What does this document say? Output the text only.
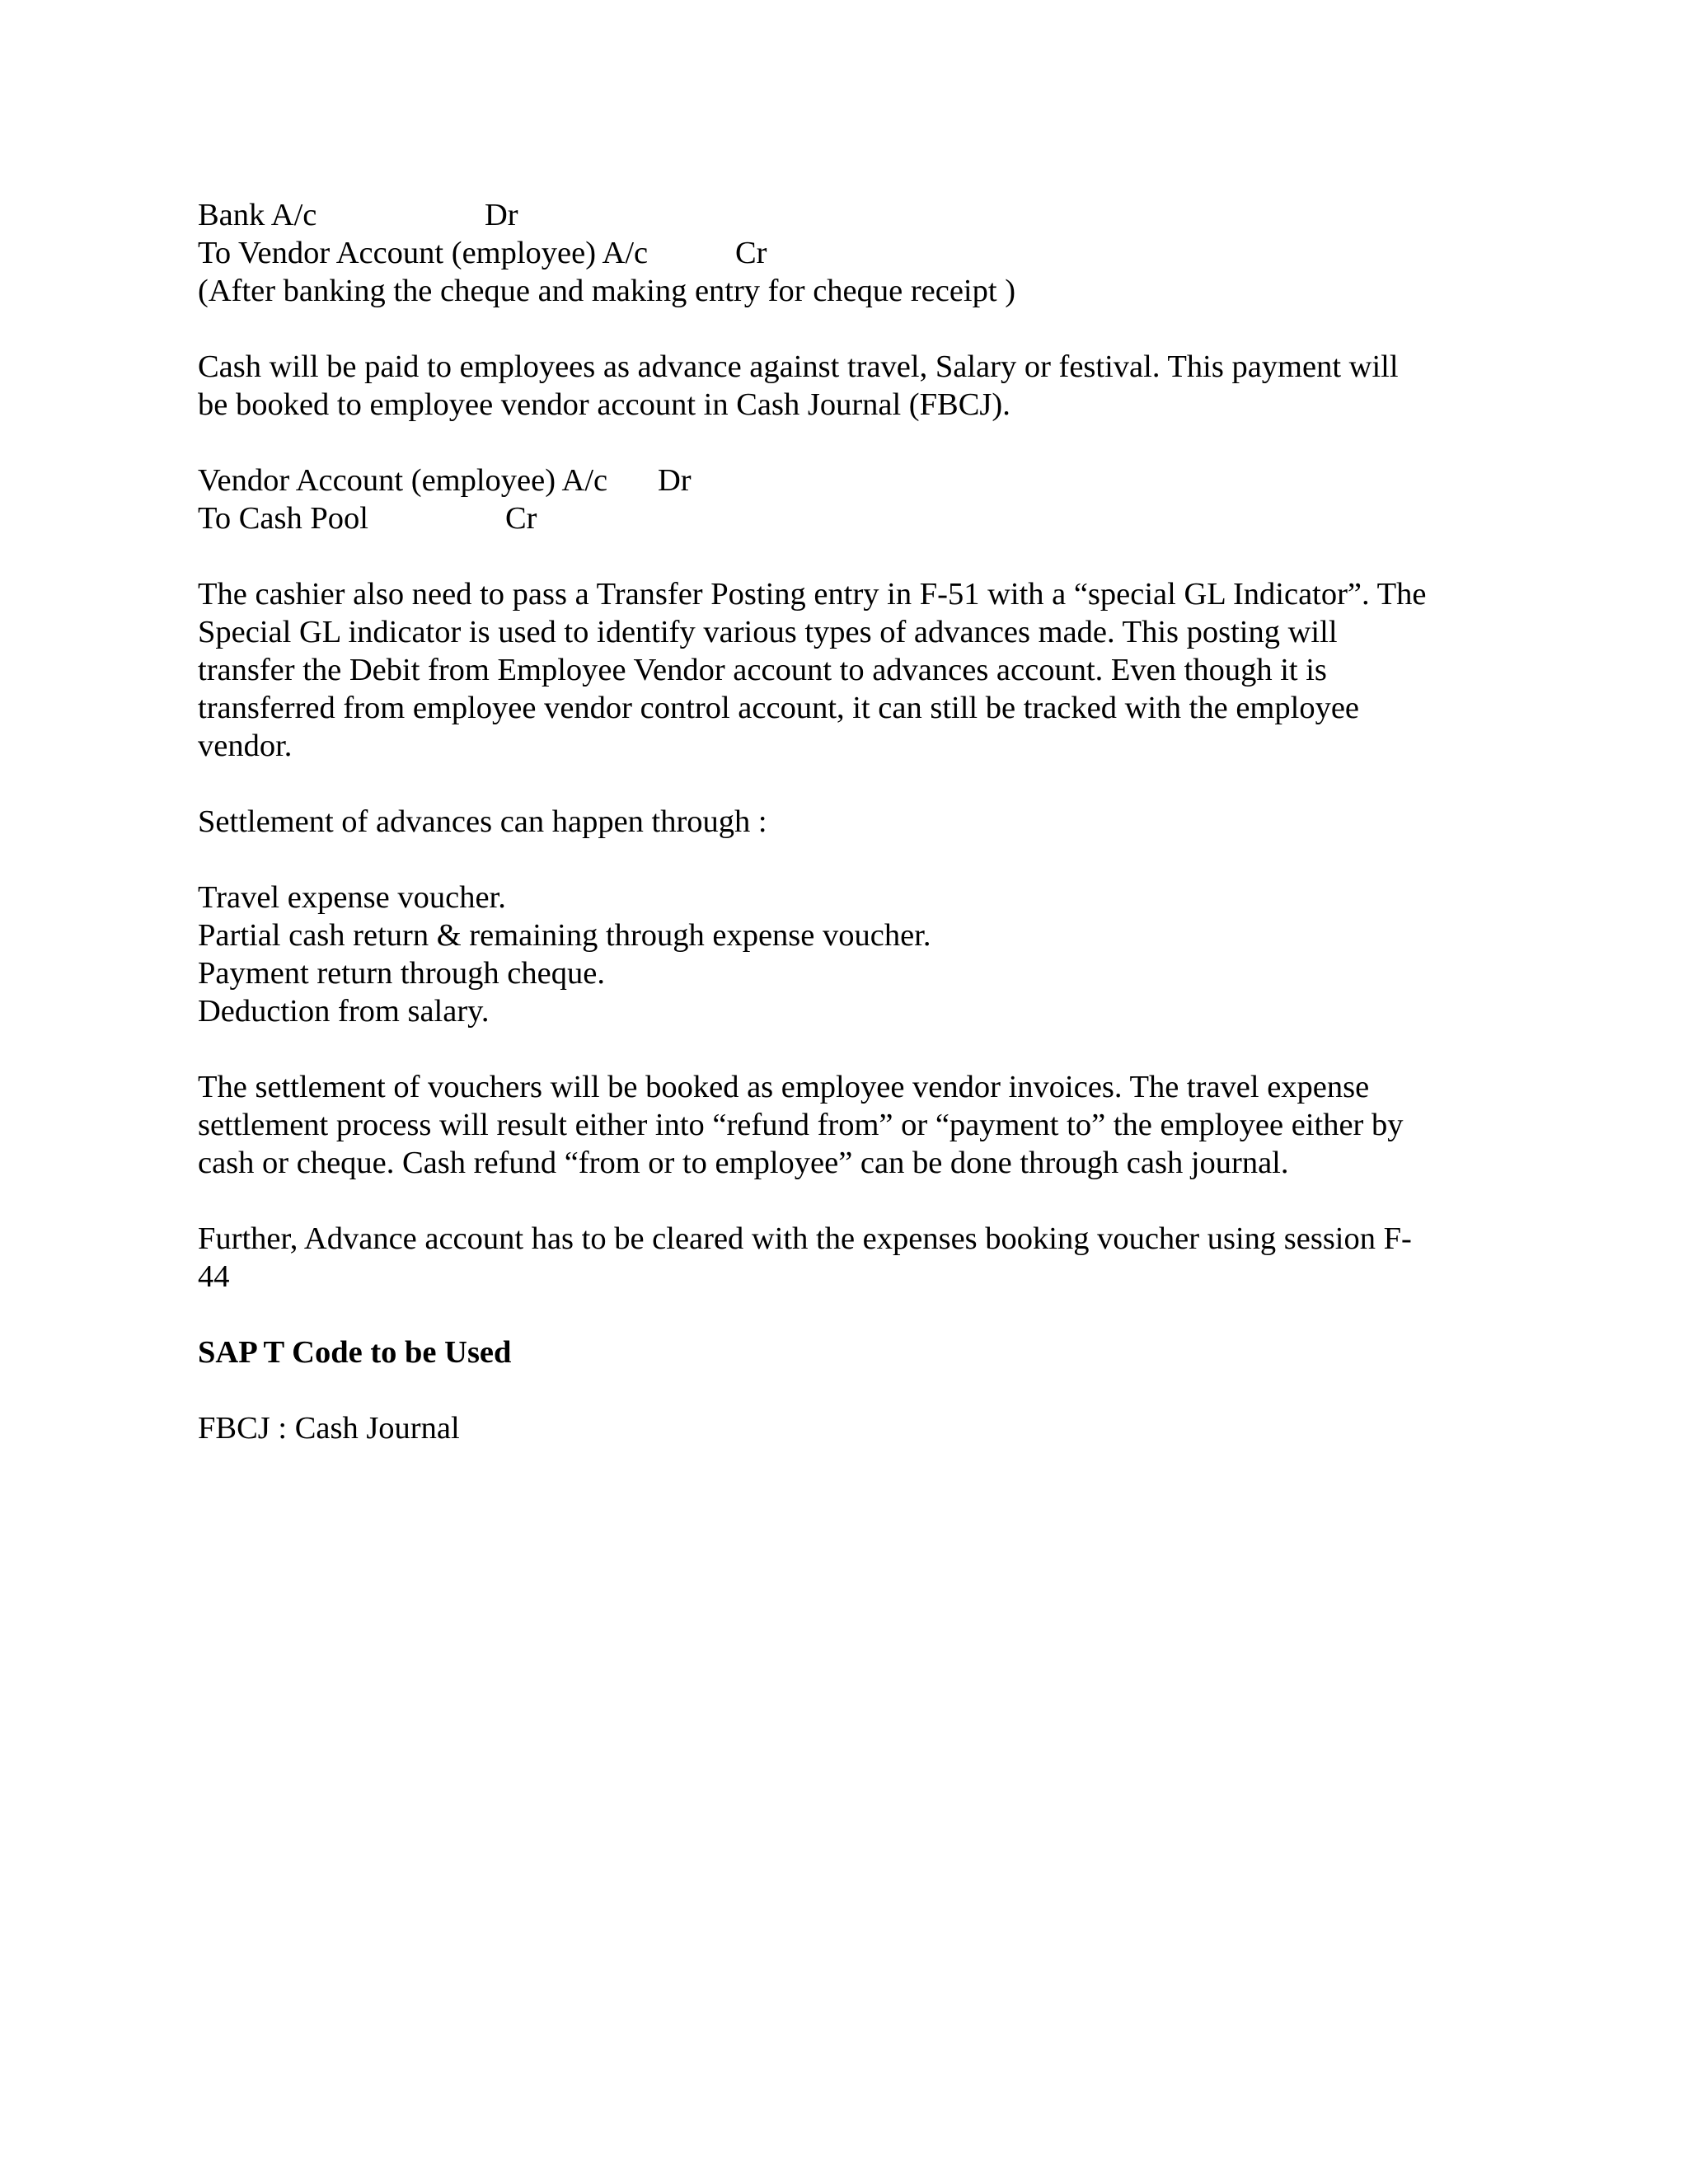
Bank A/c	Dr
To Vendor Account (employee) A/c	Cr
(After banking the cheque and making entry for cheque receipt )
Cash will be paid to employees as advance against travel, Salary or festival. This payment will
be booked to employee vendor account in Cash Journal (FBCJ).
Vendor Account (employee) A/c Dr
To Cash Pool	Cr
The cashier also need to pass a Transfer Posting entry in F-51 with a “special GL Indicator”. The
Special GL indicator is used to identify various types of advances made. This posting will
transfer the Debit from Employee Vendor account to advances account. Even though it is
transferred from employee vendor control account, it can still be tracked with the employee
vendor.
Settlement of advances can happen through :
Travel expense voucher.
Partial cash return & remaining through expense voucher.
Payment return through cheque.
Deduction from salary.
The settlement of vouchers will be booked as employee vendor invoices. The travel expense
settlement process will result either into “refund from” or “payment to” the employee either by
cash or cheque. Cash refund “from or to employee” can be done through cash journal.
Further, Advance account has to be cleared with the expenses booking voucher using session F-
44
SAP T Code to be Used
FBCJ : Cash Journal
